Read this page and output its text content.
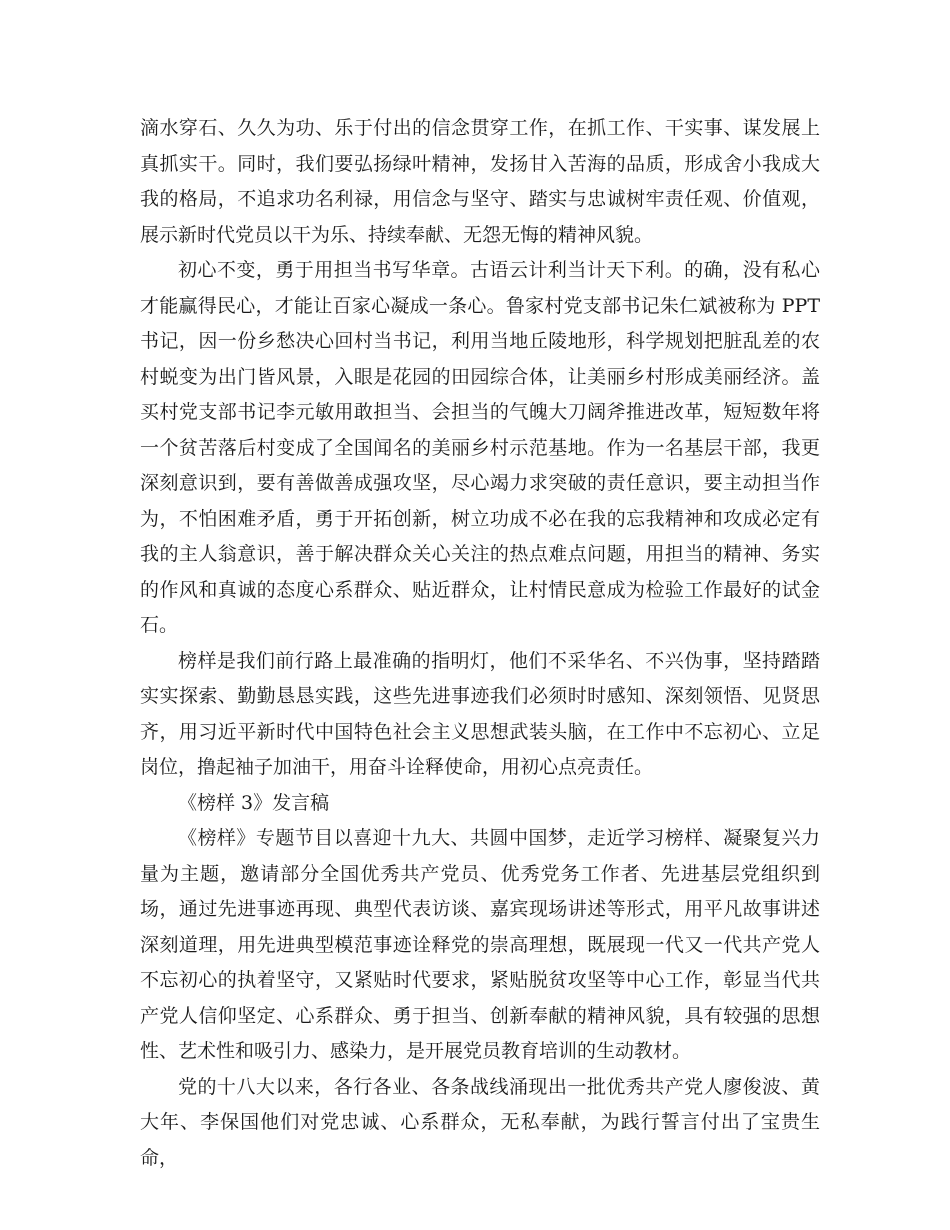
滴水穿石、久久为功、乐于付出的信念贯穿工作，在抓工作、干实事、谋发展上真抓实干。同时，我们要弘扬绿叶精神，发扬甘入苦海的品质，形成舍小我成大我的格局，不追求功名利禄，用信念与坚守、踏实与忠诚树牢责任观、价值观，展示新时代党员以干为乐、持续奉献、无怨无悔的精神风貌。

初心不变，勇于用担当书写华章。古语云计利当计天下利。的确，没有私心才能赢得民心，才能让百家心凝成一条心。鲁家村党支部书记朱仁斌被称为 PPT 书记，因一份乡愁决心回村当书记，利用当地丘陵地形，科学规划把脏乱差的农村蜕变为出门皆风景，入眼是花园的田园综合体，让美丽乡村形成美丽经济。盖买村党支部书记李元敏用敢担当、会担当的气魄大刀阔斧推进改革，短短数年将一个贫苦落后村变成了全国闻名的美丽乡村示范基地。作为一名基层干部，我更深刻意识到，要有善做善成强攻坚，尽心竭力求突破的责任意识，要主动担当作为，不怕困难矛盾，勇于开拓创新，树立功成不必在我的忘我精神和攻成必定有我的主人翁意识，善于解决群众关心关注的热点难点问题，用担当的精神、务实的作风和真诚的态度心系群众、贴近群众，让村情民意成为检验工作最好的试金石。

榜样是我们前行路上最准确的指明灯，他们不采华名、不兴伪事，坚持踏踏实实探索、勤勤恳恳实践，这些先进事迹我们必须时时感知、深刻领悟、见贤思齐，用习近平新时代中国特色社会主义思想武装头脑，在工作中不忘初心、立足岗位，撸起袖子加油干，用奋斗诠释使命，用初心点亮责任。

《榜样 3》发言稿

《榜样》专题节目以喜迎十九大、共圆中国梦，走近学习榜样、凝聚复兴力量为主题，邀请部分全国优秀共产党员、优秀党务工作者、先进基层党组织到场，通过先进事迹再现、典型代表访谈、嘉宾现场讲述等形式，用平凡故事讲述深刻道理，用先进典型模范事迹诠释党的崇高理想，既展现一代又一代共产党人不忘初心的执着坚守，又紧贴时代要求，紧贴脱贫攻坚等中心工作，彰显当代共产党人信仰坚定、心系群众、勇于担当、创新奉献的精神风貌，具有较强的思想性、艺术性和吸引力、感染力，是开展党员教育培训的生动教材。

党的十八大以来，各行各业、各条战线涌现出一批优秀共产党人廖俊波、黄大年、李保国他们对党忠诚、心系群众，无私奉献，为践行誓言付出了宝贵生命，
